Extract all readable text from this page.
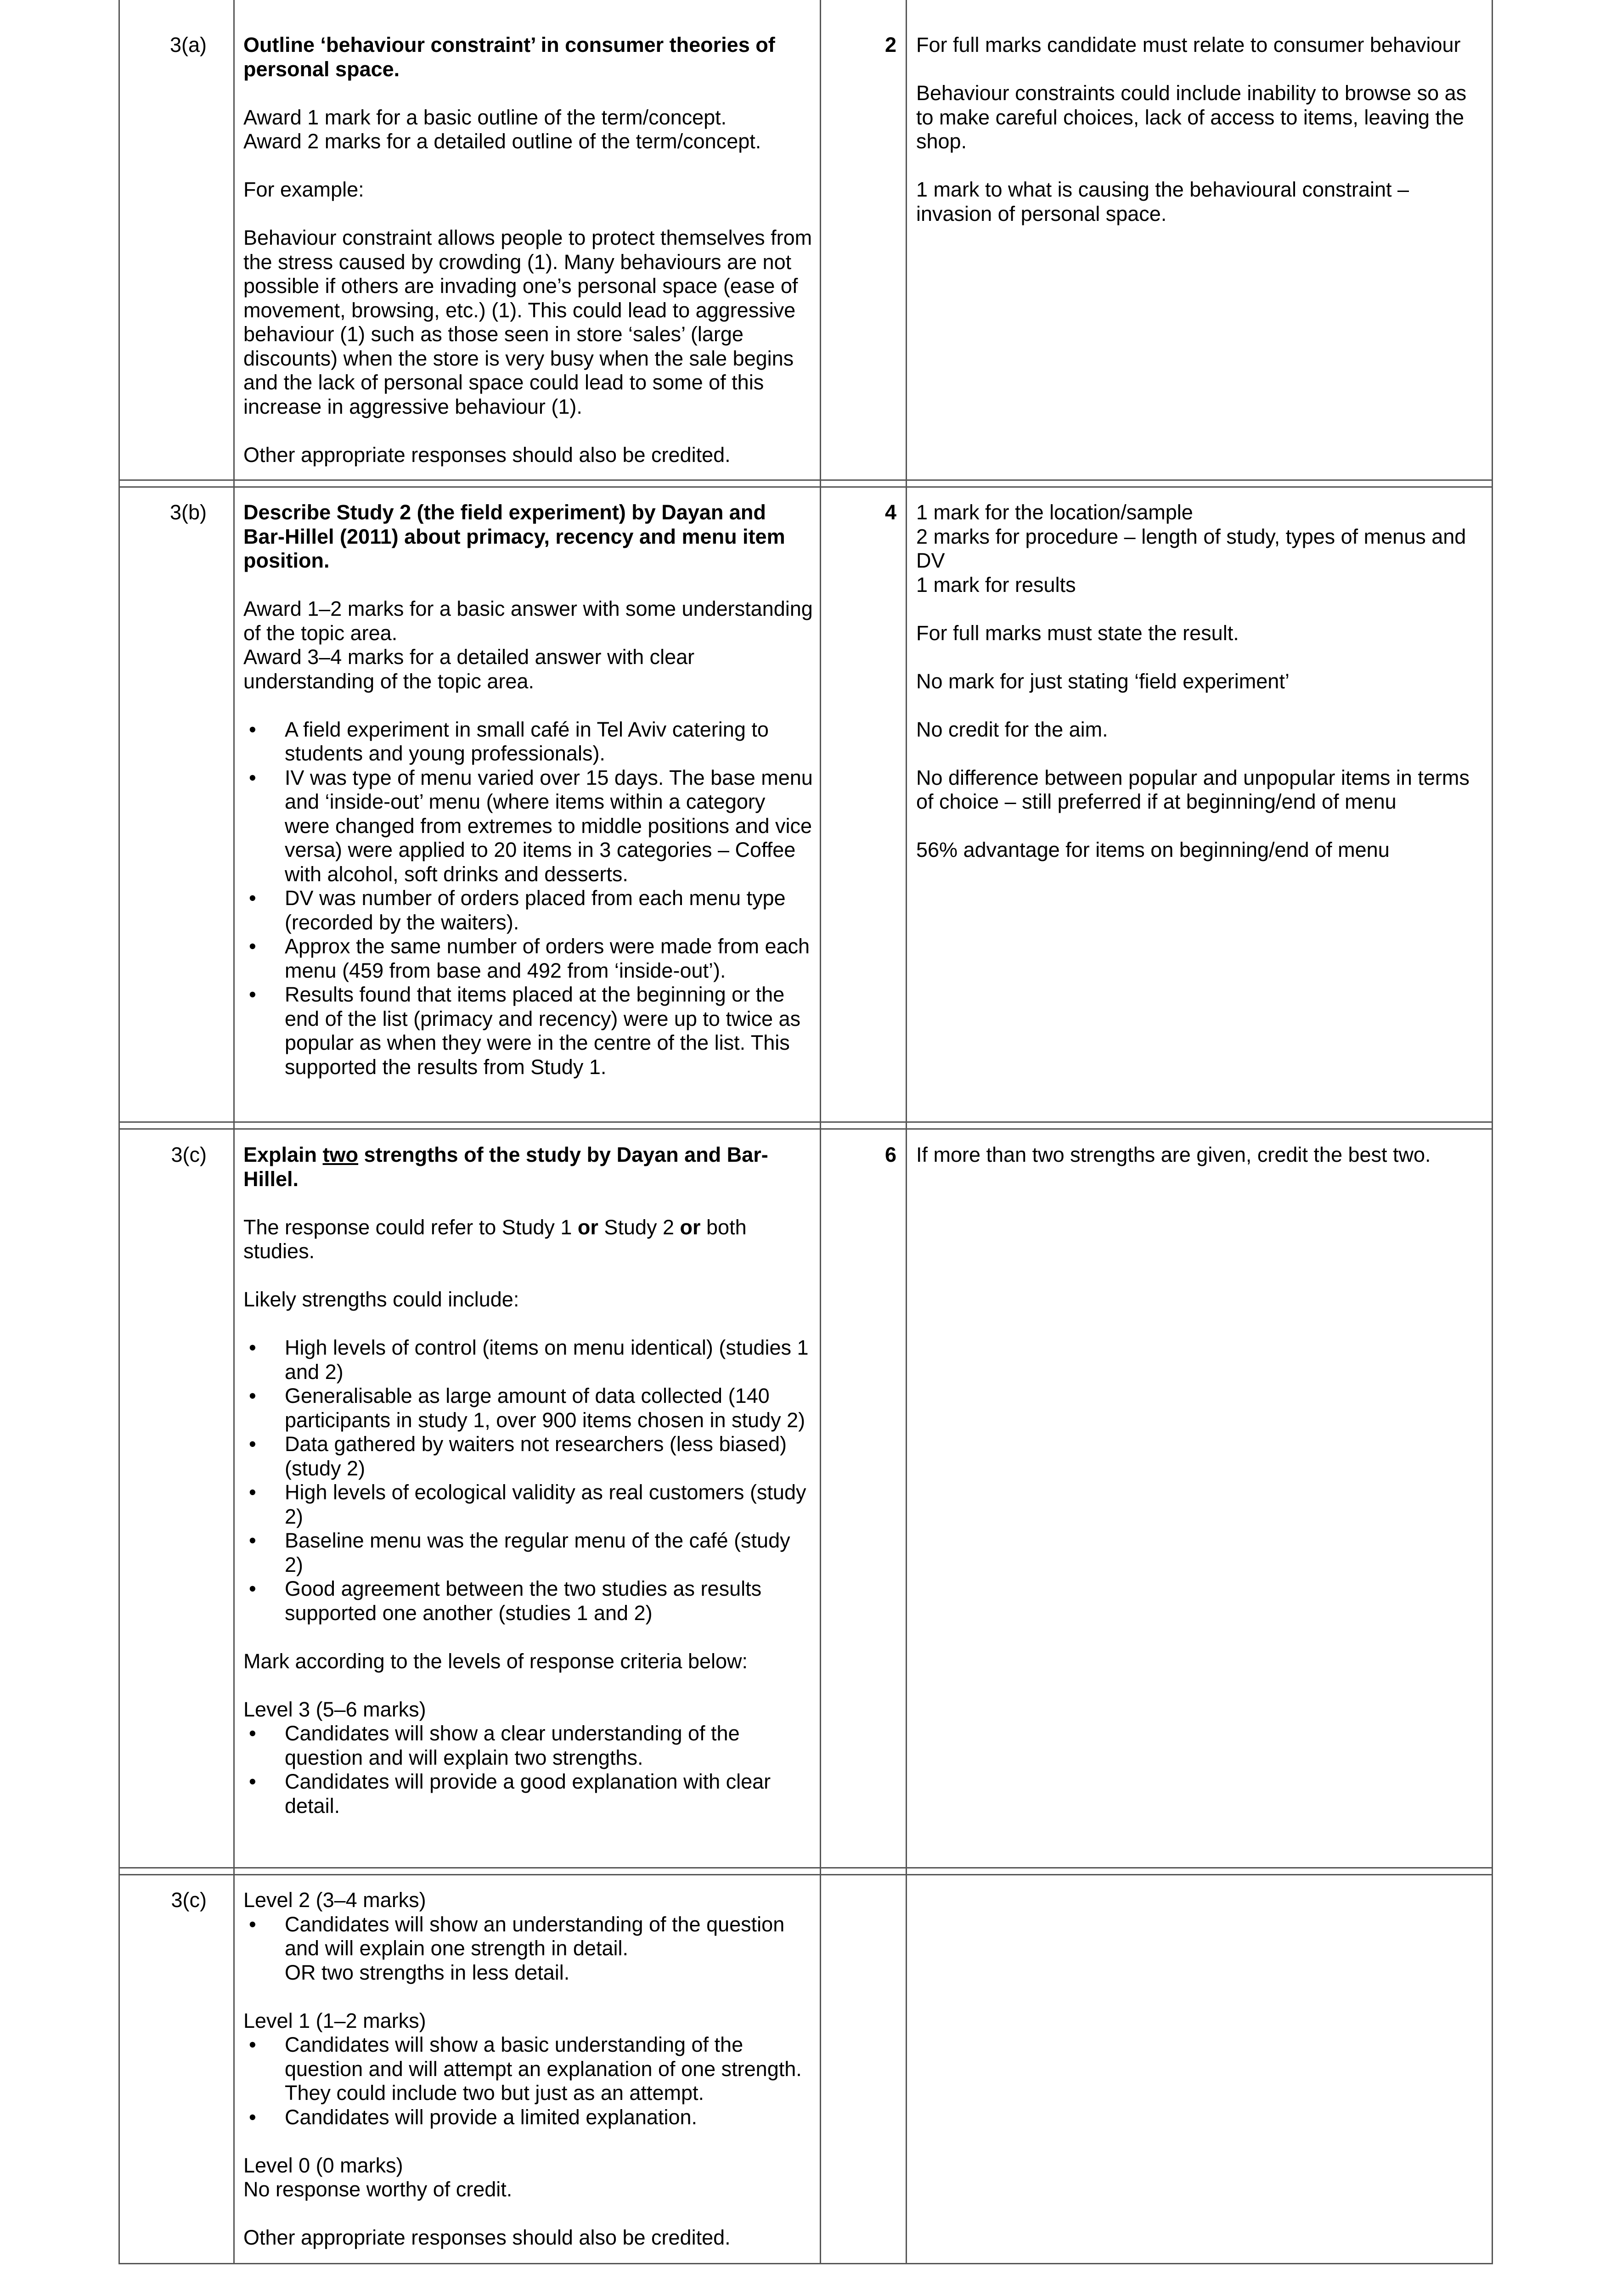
3(a) Outline ‘behaviour constraint’ in consumer theories of personal space.

Award 1 mark for a basic outline of the term/concept.

Award 2 marks for a detailed outline of the term/concept.

For example:

Behaviour constraint allows people to protect themselves from the stress caused by crowding (1). Many behaviours are not possible if others are invading one’s personal space (ease of movement, browsing, etc.) (1). This could lead to aggressive behaviour (1) such as those seen in store ‘sales’ (large discounts) when the store is very busy when the sale begins and the lack of personal space could lead to some of this increase in aggressive behaviour (1).

Other appropriate responses should also be credited.

2 For full marks candidate must relate to consumer behaviour

Behaviour constraints could include inability to browse so as to make careful choices, lack of access to items, leaving the shop.

1 mark to what is causing the behavioural constraint – invasion of personal space.

3(b) Describe Study 2 (the field experiment) by Dayan and Bar-Hillel (2011) about primacy, recency and menu item position.

Award 1–2 marks for a basic answer with some understanding of the topic area.

Award 3–4 marks for a detailed answer with clear understanding of the topic area.

• A field experiment in small café in Tel Aviv catering to students and young professionals).
• IV was type of menu varied over 15 days. The base menu and ‘inside-out’ menu (where items within a category were changed from extremes to middle positions and vice versa) were applied to 20 items in 3 categories – Coffee with alcohol, soft drinks and desserts.
• DV was number of orders placed from each menu type (recorded by the waiters).
• Approx the same number of orders were made from each menu (459 from base and 492 from ‘inside-out’).
• Results found that items placed at the beginning or the end of the list (primacy and recency) were up to twice as popular as when they were in the centre of the list. This supported the results from Study 1.
4 1 mark for the location/sample

2 marks for procedure – length of study, types of menus and DV

1 mark for results

For full marks must state the result.

No mark for just stating ‘field experiment’

No credit for the aim.

No difference between popular and unpopular items in terms of choice – still preferred if at beginning/end of menu

56% advantage for items on beginning/end of menu

3(c) Explain two strengths of the study by Dayan and Bar-Hillel.

The response could refer to Study 1 or Study 2 or both studies.

Likely strengths could include:

• High levels of control (items on menu identical) (studies 1 and 2)
• Generalisable as large amount of data collected (140 participants in study 1, over 900 items chosen in study 2)
• Data gathered by waiters not researchers (less biased) (study 2)
• High levels of ecological validity as real customers (study 2)
• Baseline menu was the regular menu of the café (study 2)
• Good agreement between the two studies as results supported one another (studies 1 and 2)

Mark according to the levels of response criteria below:

Level 3 (5–6 marks)

• Candidates will show a clear understanding of the question and will explain two strengths.
• Candidates will provide a good explanation with clear detail.
6 If more than two strengths are given, credit the best two.

3(c) Level 2 (3–4 marks)

• Candidates will show an understanding of the question and will explain one strength in detail.
OR two strengths in less detail.

Level 1 (1–2 marks)

• Candidates will show a basic understanding of the question and will attempt an explanation of one strength. They could include two but just as an attempt.
• Candidates will provide a limited explanation.

Level 0 (0 marks)

No response worthy of credit.

Other appropriate responses should also be credited.
